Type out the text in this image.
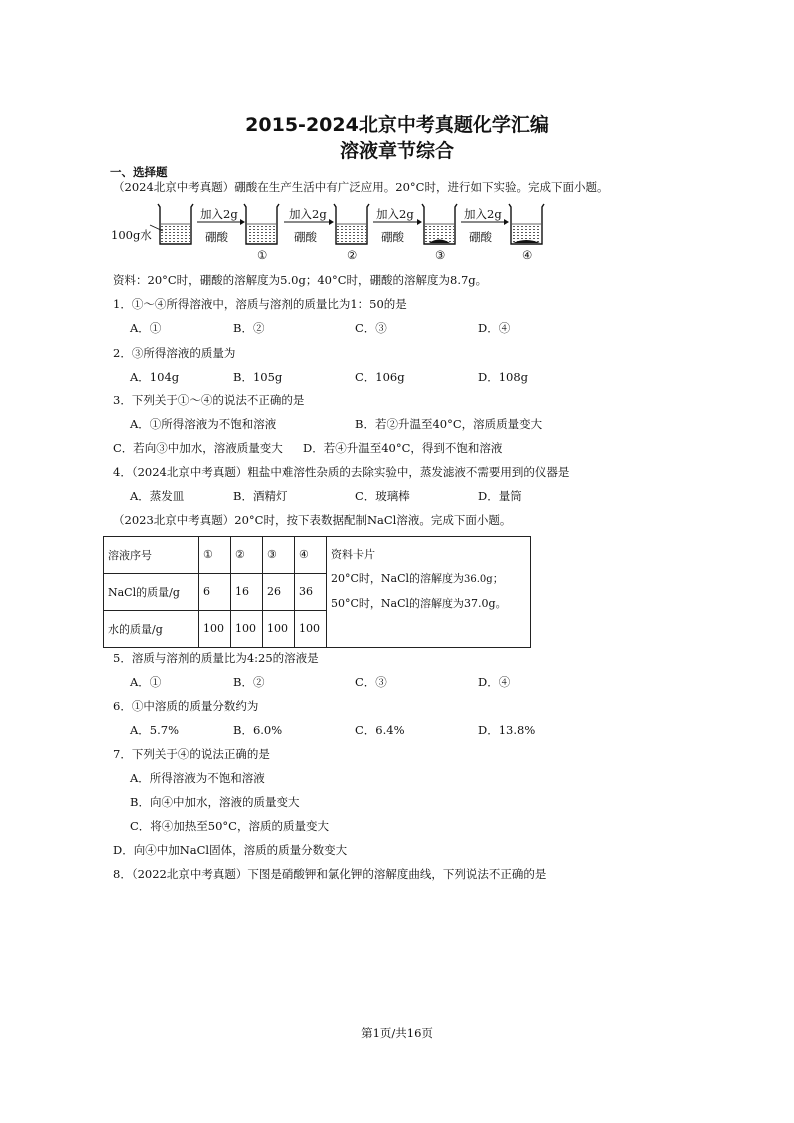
2015-2024北京中考真题化学汇编
溶液章节综合
一、选择题
（2024北京中考真题）硼酸在生产生活中有广泛应用。20°C时，进行如下实验。完成下面小题。
100g水
加入2g
硼酸
加入2g
硼酸
加入2g
硼酸
加入2g
硼酸
①	②	③	④
资料：20°C时，硼酸的溶解度为5.0g；40°C时，硼酸的溶解度为8.7g。
1．①～④所得溶液中，溶质与溶剂的质量比为1：50的是
A．①	B．②	C．③	D．④
2．③所得溶液的质量为
A．104g	B．105g	C．106g	D．108g
3．下列关于①～④的说法不正确的是
A．①所得溶液为不饱和溶液	B．若②升温至40°C，溶质质量变大
C．若向③中加水，溶液质量变大 D．若④升温至40°C，得到不饱和溶液
4．（2024北京中考真题）粗盐中难溶性杂质的去除实验中，蒸发滤液不需要用到的仪器是
A．蒸发皿	B．酒精灯	C．玻璃棒	D．量筒
（2023北京中考真题）20°C时，按下表数据配制NaCl溶液。完成下面小题。
溶液序号	①	②	③	④	资料卡片
20°C时，NaCl的溶解度为36.0g；
50°C时，NaCl的溶解度为37.0g。

NaCl的质量/g	6	16	26	36	
水的质量/g	100	100	100	100	
5．溶质与溶剂的质量比为4:25的溶液是
A．①	B．②	C．③	D．④
6．①中溶质的质量分数约为
A．5.7%	B．6.0%	C．6.4%	D．13.8%
7．下列关于④的说法正确的是
A．所得溶液为不饱和溶液
B．向④中加水，溶液的质量变大
C．将④加热至50°C，溶质的质量变大
D．向④中加NaCl固体，溶质的质量分数变大
8．（2022北京中考真题）下图是硝酸钾和氯化钾的溶解度曲线，下列说法不正确的是
第1页/共16页
